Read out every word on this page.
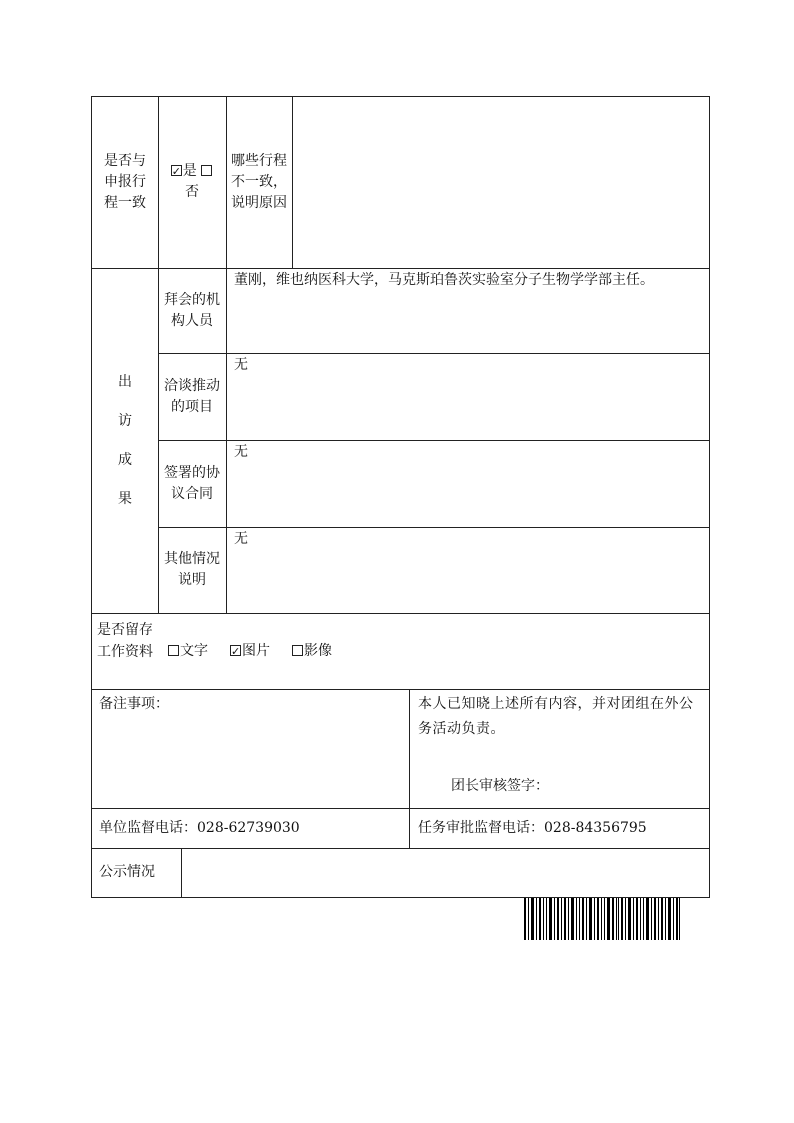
是否与申报行程一致
✓是 否
哪些行程不一致，说明原因
出
访
成
果
拜会的机构人员
董刚，维也纳医科大学，马克斯珀鲁茨实验室分子生物学学部主任。
洽谈推动的项目
无
签署的协议合同
无
其他情况说明
无
是否留存工作资料	文字
✓	图片	影像
备注事项：	本人已知晓上述所有内容，并对团组在外公务活动负责。
团长审核签字：
单位监督电话： 028-62739030	任务审批监督电话： 028-84356795
公示情况
